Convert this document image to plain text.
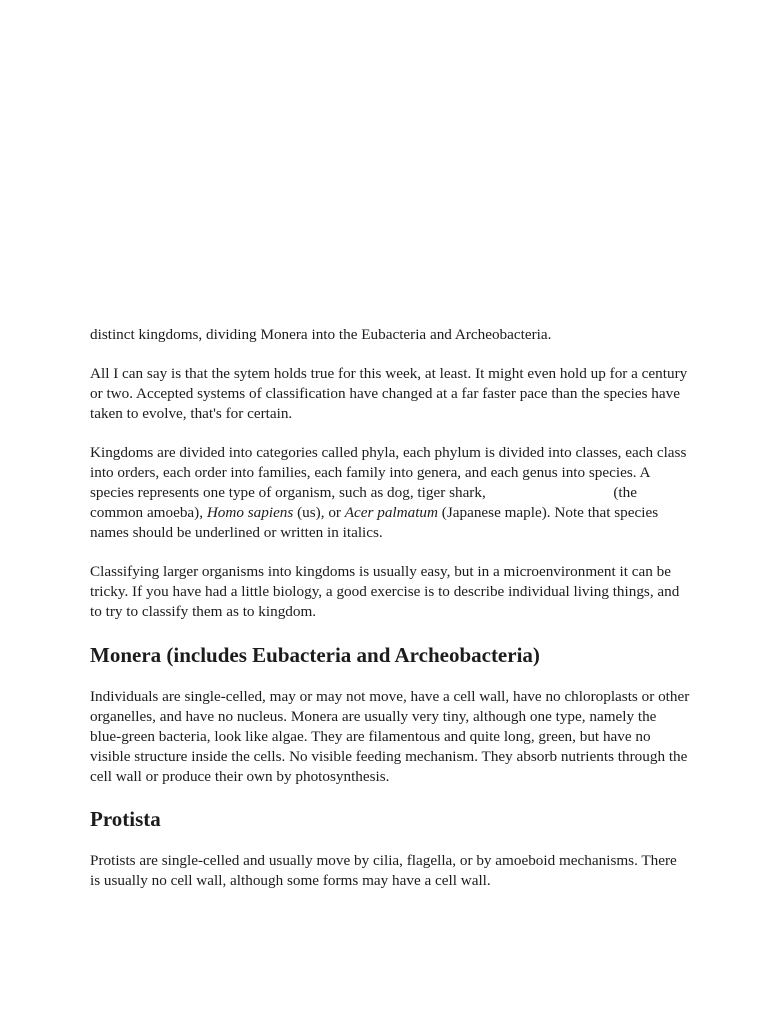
distinct kingdoms, dividing Monera into the Eubacteria and Archeobacteria.

All I can say is that the sytem holds true for this week, at least. It might even hold up for a century or two. Accepted systems of classification have changed at a far faster pace than the species have taken to evolve, that's for certain.

Kingdoms are divided into categories called phyla, each phylum is divided into classes, each class into orders, each order into families, each family into genera, and each genus into species. A species represents one type of organism, such as dog, tiger shark,	(the common amoeba), Homo sapiens (us), or Acer palmatum (Japanese maple). Note that species names should be underlined or written in italics.

Classifying larger organisms into kingdoms is usually easy, but in a microenvironment it can be tricky. If you have had a little biology, a good exercise is to describe individual living things, and to try to classify them as to kingdom.

Monera (includes Eubacteria and Archeobacteria)

Individuals are single-celled, may or may not move, have a cell wall, have no chloroplasts or other organelles, and have no nucleus. Monera are usually very tiny, although one type, namely the blue-green bacteria, look like algae. They are filamentous and quite long, green, but have no visible structure inside the cells. No visible feeding mechanism. They absorb nutrients through the cell wall or produce their own by photosynthesis.

Protista

Protists are single-celled and usually move by cilia, flagella, or by amoeboid mechanisms. There is usually no cell wall, although some forms may have a cell wall.
